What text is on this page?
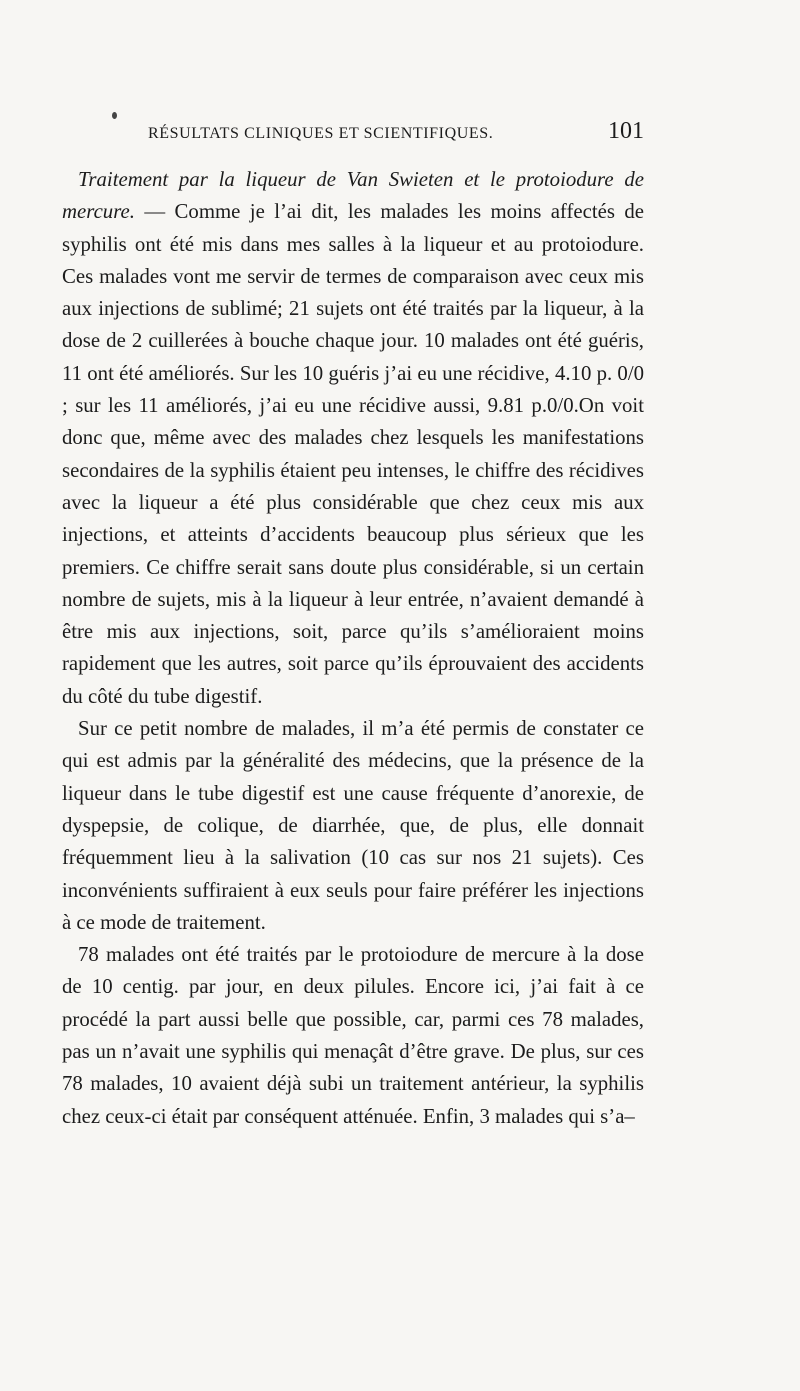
RÉSULTATS CLINIQUES ET SCIENTIFIQUES.	101

Traitement par la liqueur de Van Swieten et le protoiodure de mercure. — Comme je l’ai dit, les malades les moins affectés de syphilis ont été mis dans mes salles à la liqueur et au protoiodure. Ces malades vont me servir de termes de comparaison avec ceux mis aux injections de sublimé; 21 sujets ont été traités par la liqueur, à la dose de 2 cuillerées à bouche chaque jour. 10 malades ont été guéris, 11 ont été améliorés. Sur les 10 guéris j’ai eu une récidive, 4.10 p. 0/0 ; sur les 11 améliorés, j’ai eu une récidive aussi, 9.81 p.0/0.On voit donc que, même avec des malades chez lesquels les manifestations secondaires de la syphilis étaient peu intenses, le chiffre des récidives avec la liqueur a été plus considérable que chez ceux mis aux injections, et atteints d’accidents beaucoup plus sérieux que les premiers. Ce chiffre serait sans doute plus considérable, si un certain nombre de sujets, mis à la liqueur à leur entrée, n’avaient demandé à être mis aux injections, soit, parce qu’ils s’amélioraient moins rapidement que les autres, soit parce qu’ils éprouvaient des accidents du côté du tube digestif.

Sur ce petit nombre de malades, il m’a été permis de constater ce qui est admis par la généralité des médecins, que la présence de la liqueur dans le tube digestif est une cause fréquente d’anorexie, de dyspepsie, de colique, de diarrhée, que, de plus, elle donnait fréquemment lieu à la salivation (10 cas sur nos 21 sujets). Ces inconvénients suffiraient à eux seuls pour faire préférer les injections à ce mode de traitement.

78 malades ont été traités par le protoiodure de mercure à la dose de 10 centig. par jour, en deux pilules. Encore ici, j’ai fait à ce procédé la part aussi belle que possible, car, parmi ces 78 malades, pas un n’avait une syphilis qui menaçât d’être grave. De plus, sur ces 78 malades, 10 avaient déjà subi un traitement antérieur, la syphilis chez ceux-ci était par conséquent atténuée. Enfin, 3 malades qui s’a–
